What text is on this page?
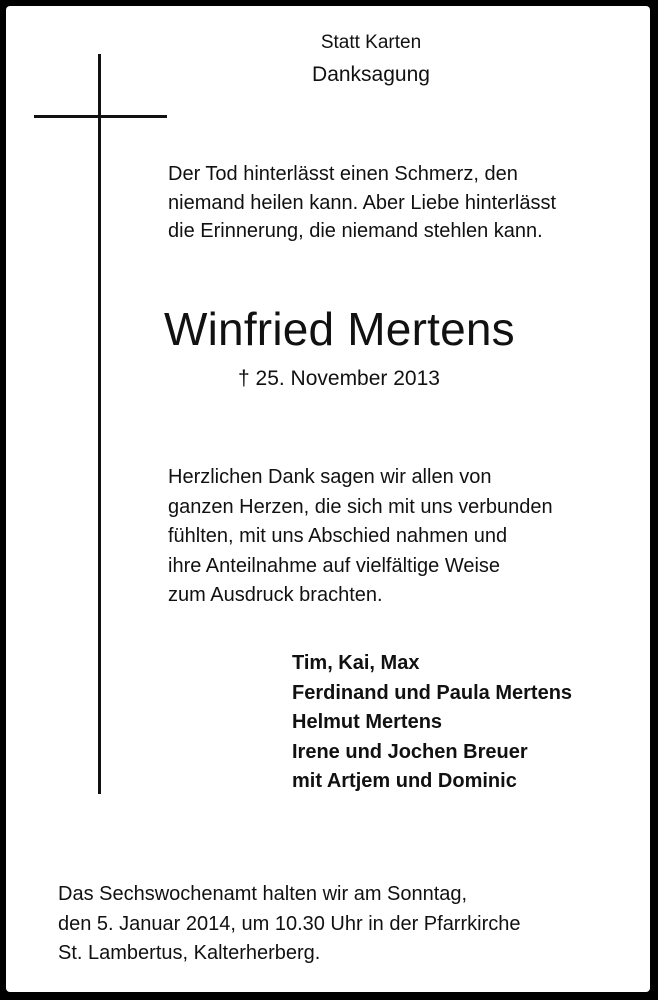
Statt Karten
Danksagung
Der Tod hinterlässt einen Schmerz, den
niemand heilen kann. Aber Liebe hinterlässt
die Erinnerung, die niemand stehlen kann.
Winfried Mertens
† 25. November 2013
Herzlichen Dank sagen wir allen von
ganzen Herzen, die sich mit uns verbunden
fühlten, mit uns Abschied nahmen und
ihre Anteilnahme auf vielfältige Weise
zum Ausdruck brachten.
Tim, Kai, Max
Ferdinand und Paula Mertens
Helmut Mertens
Irene und Jochen Breuer
mit Artjem und Dominic
Das Sechswochenamt halten wir am Sonntag,
den 5. Januar 2014, um 10.30 Uhr in der Pfarrkirche
St. Lambertus, Kalterherberg.
